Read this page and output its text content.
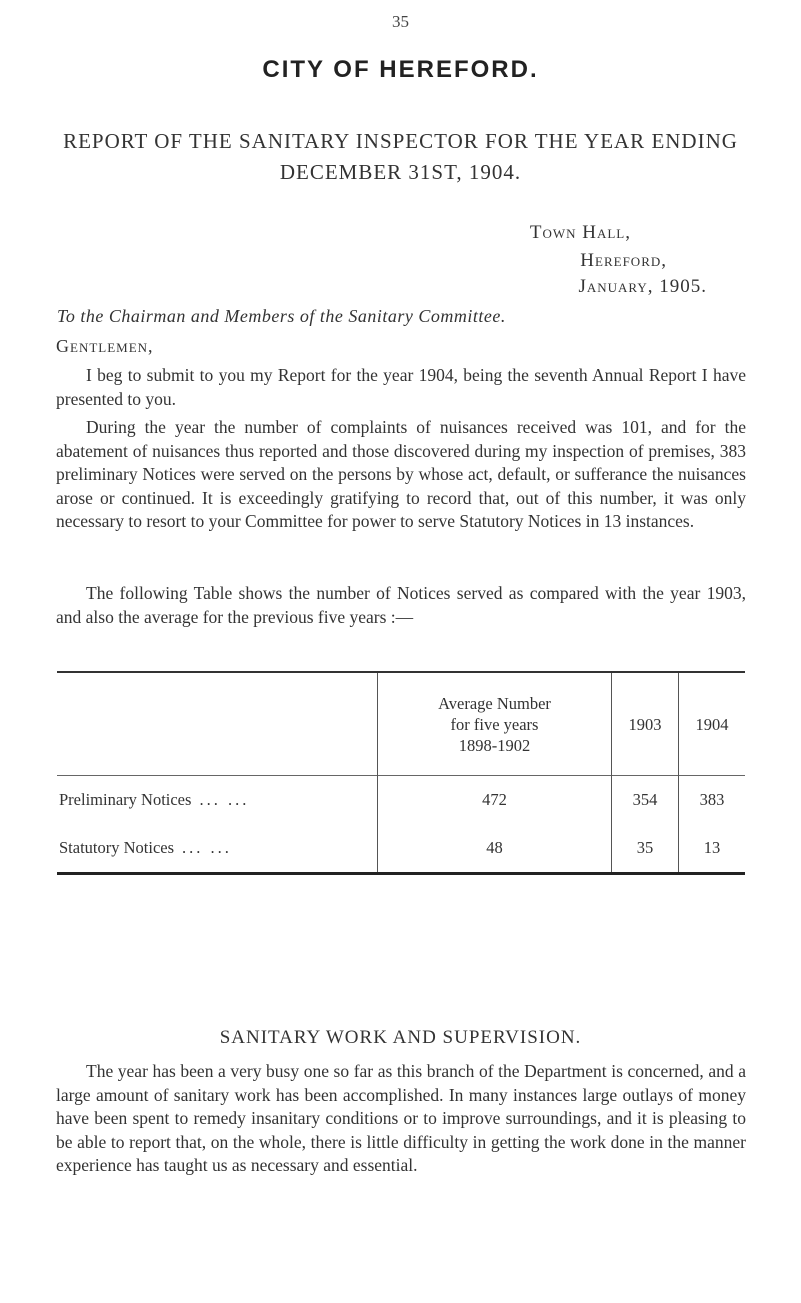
35
CITY OF HEREFORD.
REPORT OF THE SANITARY INSPECTOR FOR THE YEAR ENDING DECEMBER 31ST, 1904.
Town Hall,
Hereford,
January, 1905.
To the Chairman and Members of the Sanitary Committee.
Gentlemen,

I beg to submit to you my Report for the year 1904, being the seventh Annual Report I have presented to you.

During the year the number of complaints of nuisances received was 101, and for the abatement of nuisances thus reported and those discovered during my inspection of premises, 383 preliminary Notices were served on the persons by whose act, default, or sufferance the nuisances arose or continued. It is exceedingly gratifying to record that, out of this number, it was only necessary to resort to your Committee for power to serve Statutory Notices in 13 instances.

The following Table shows the number of Notices served as compared with the year 1903, and also the average for the previous five years :—

	Average Number
for five years
1898-1902	1903	1904
Preliminary Notices ... ...	472	354	383
Statutory Notices ... ...	48	35	13
SANITARY WORK AND SUPERVISION.

The year has been a very busy one so far as this branch of the Department is concerned, and a large amount of sanitary work has been accomplished. In many instances large outlays of money have been spent to remedy insanitary conditions or to improve surroundings, and it is pleasing to be able to report that, on the whole, there is little difficulty in getting the work done in the manner experience has taught us as necessary and essential.
